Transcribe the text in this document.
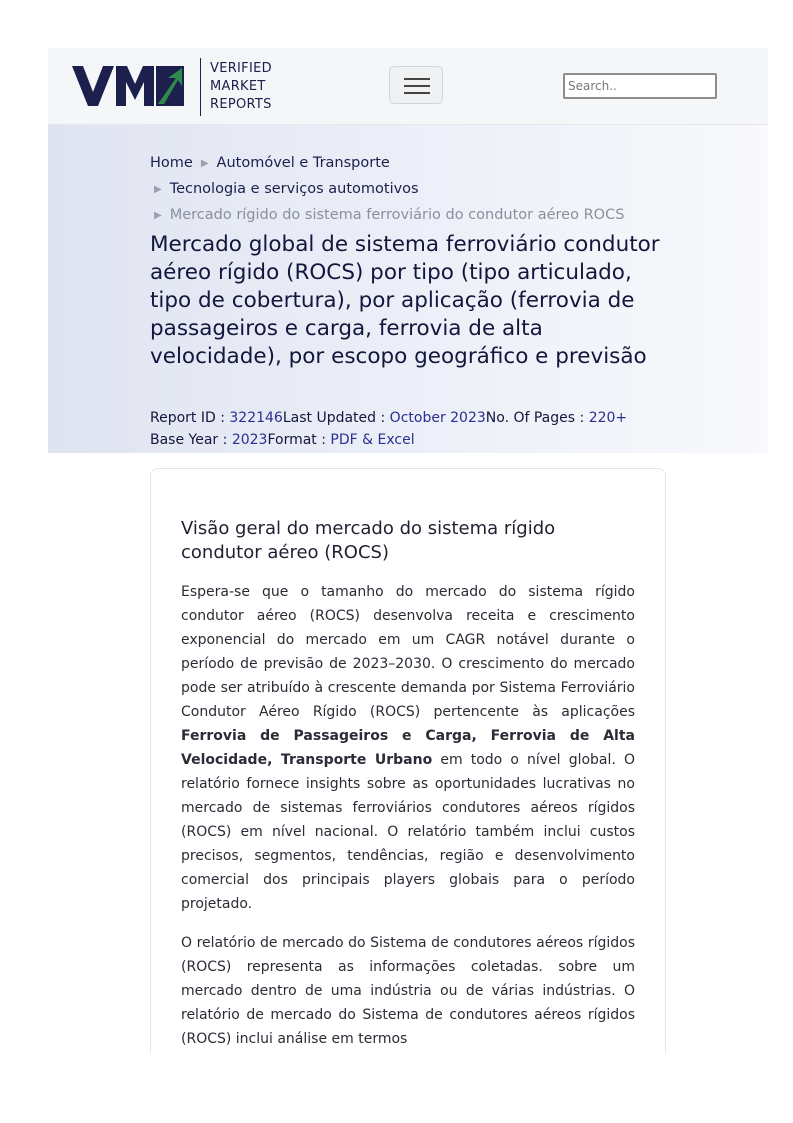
VERIFIED
MARKET
REPORTS
Search..
Home ▶ Automóvel e Transporte
▶ Tecnologia e serviços automotivos
▶ Mercado rígido do sistema ferroviário do condutor aéreo ROCS
Mercado global de sistema ferroviário condutor aéreo rígido (ROCS) por tipo (tipo articulado, tipo de cobertura), por aplicação (ferrovia de passageiros e carga, ferrovia de alta velocidade), por escopo geográfico e previsão
Report ID : 322146Last Updated : October 2023No. Of Pages : 220+
Base Year : 2023Format : PDF & Excel
Visão geral do mercado do sistema rígido condutor aéreo (ROCS)

Espera-se que o tamanho do mercado do sistema rígido condutor aéreo (ROCS) desenvolva receita e crescimento exponencial do mercado em um CAGR notável durante o período de previsão de 2023–2030. O crescimento do mercado pode ser atribuído à crescente demanda por Sistema Ferroviário Condutor Aéreo Rígido (ROCS) pertencente às aplicações Ferrovia de Passageiros e Carga, Ferrovia de Alta Velocidade, Transporte Urbano em todo o nível global. O relatório fornece insights sobre as oportunidades lucrativas no mercado de sistemas ferroviários condutores aéreos rígidos (ROCS) em nível nacional. O relatório também inclui custos precisos, segmentos, tendências, região e desenvolvimento comercial dos principais players globais para o período projetado.

O relatório de mercado do Sistema de condutores aéreos rígidos (ROCS) representa as informações coletadas. sobre um mercado dentro de uma indústria ou de várias indústrias. O relatório de mercado do Sistema de condutores aéreos rígidos (ROCS) inclui análise em termos
